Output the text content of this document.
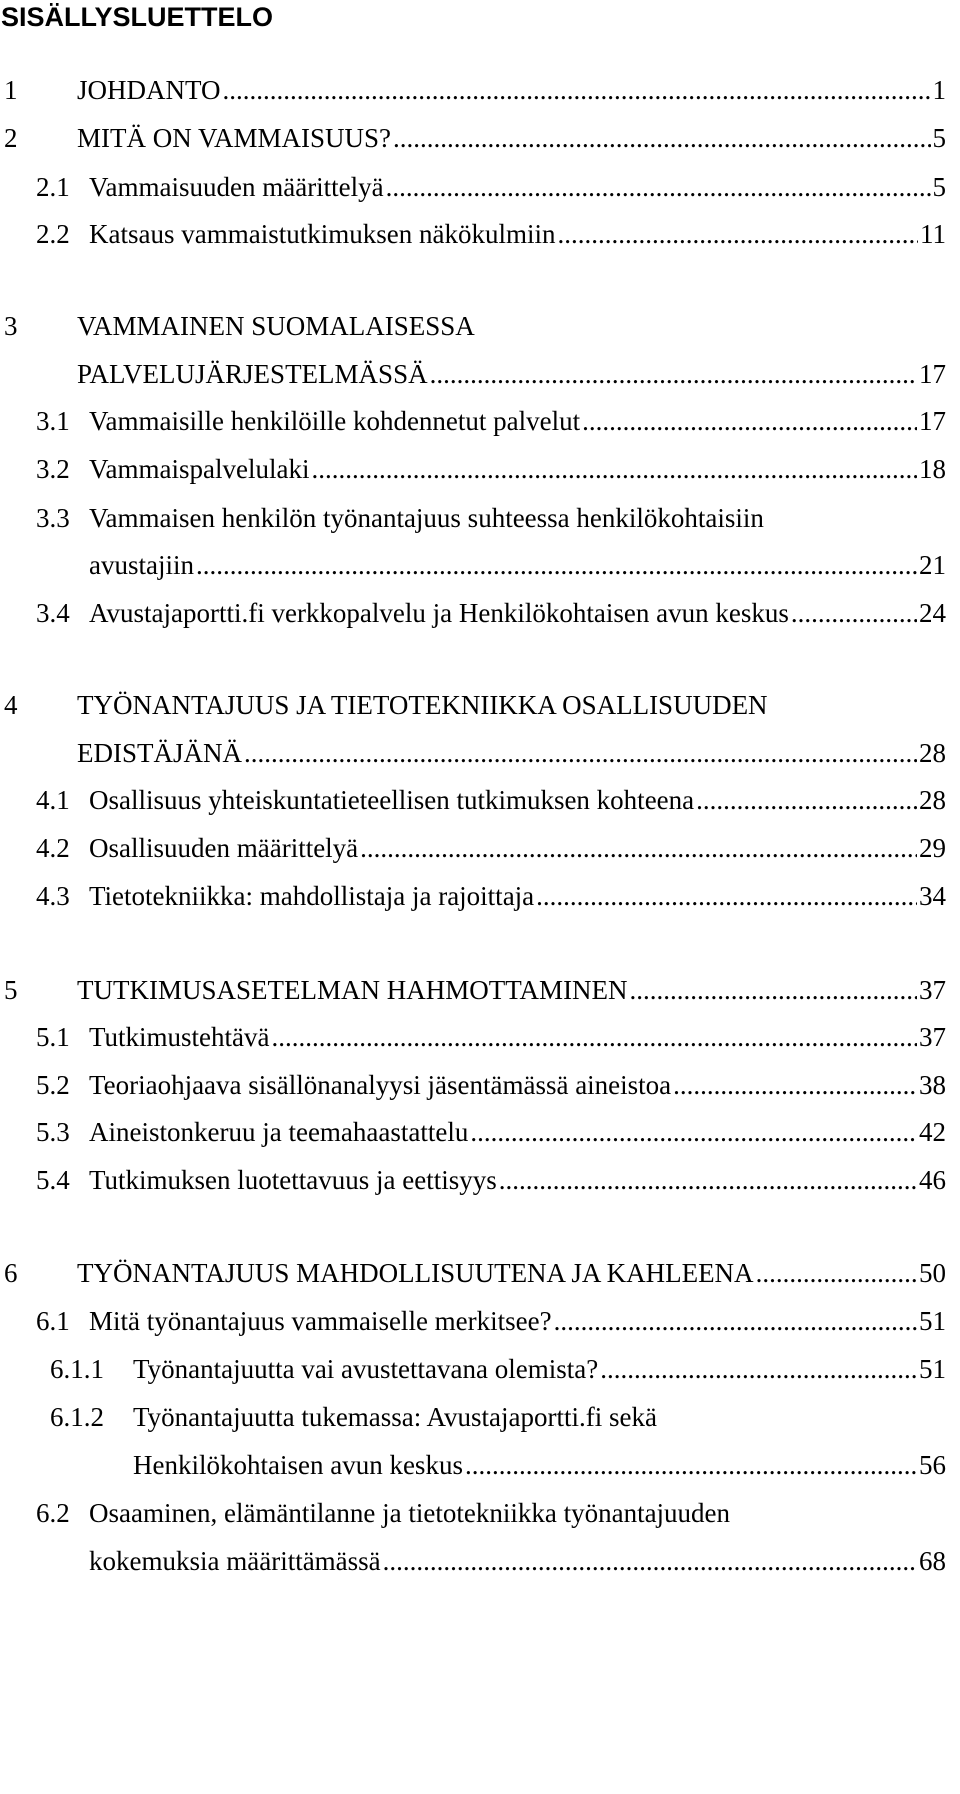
SISÄLLYSLUETTELO
1 JOHDANTO .....	1
2 MITÄ ON VAMMAISUUS? .....	5
2.1 Vammaisuuden määrittelyä .....	5
2.2 Katsaus vammaistutkimuksen näkökulmiin .....	11
3 VAMMAINEN SUOMALAISESSA
PALVELUJÄRJESTELMÄSSÄ .....	17
3.1 Vammaisille henkilöille kohdennetut palvelut .....	17
3.2 Vammaispalvelulaki .....	18
3.3 Vammaisen henkilön työnantajuus suhteessa henkilökohtaisiin
avustajiin .....	21
3.4 Avustajaportti.fi verkkopalvelu ja Henkilökohtaisen avun keskus .....	24
4 TYÖNANTAJUUS JA TIETOTEKNIIKKA OSALLISUUDEN
EDISTÄJÄNÄ .....	28
4.1 Osallisuus yhteiskuntatieteellisen tutkimuksen kohteena .....	28
4.2 Osallisuuden määrittelyä .....	29
4.3 Tietotekniikka: mahdollistaja ja rajoittaja .....	34
5 TUTKIMUSASETELMAN HAHMOTTAMINEN .....	37
5.1 Tutkimustehtävä .....	37
5.2 Teoriaohjaava sisällönanalyysi jäsentämässä aineistoa .....	38
5.3 Aineistonkeruu ja teemahaastattelu .....	42
5.4 Tutkimuksen luotettavuus ja eettisyys .....	46
6 TYÖNANTAJUUS MAHDOLLISUUTENA JA KAHLEENA .....	50
6.1 Mitä työnantajuus vammaiselle merkitsee? .....	51
6.1.1 Työnantajuutta vai avustettavana olemista? .....	51
6.1.2 Työnantajuutta tukemassa: Avustajaportti.fi sekä
Henkilökohtaisen avun keskus .....	56
6.2 Osaaminen, elämäntilanne ja tietotekniikka työnantajuuden
kokemuksia määrittämässä .....	68
